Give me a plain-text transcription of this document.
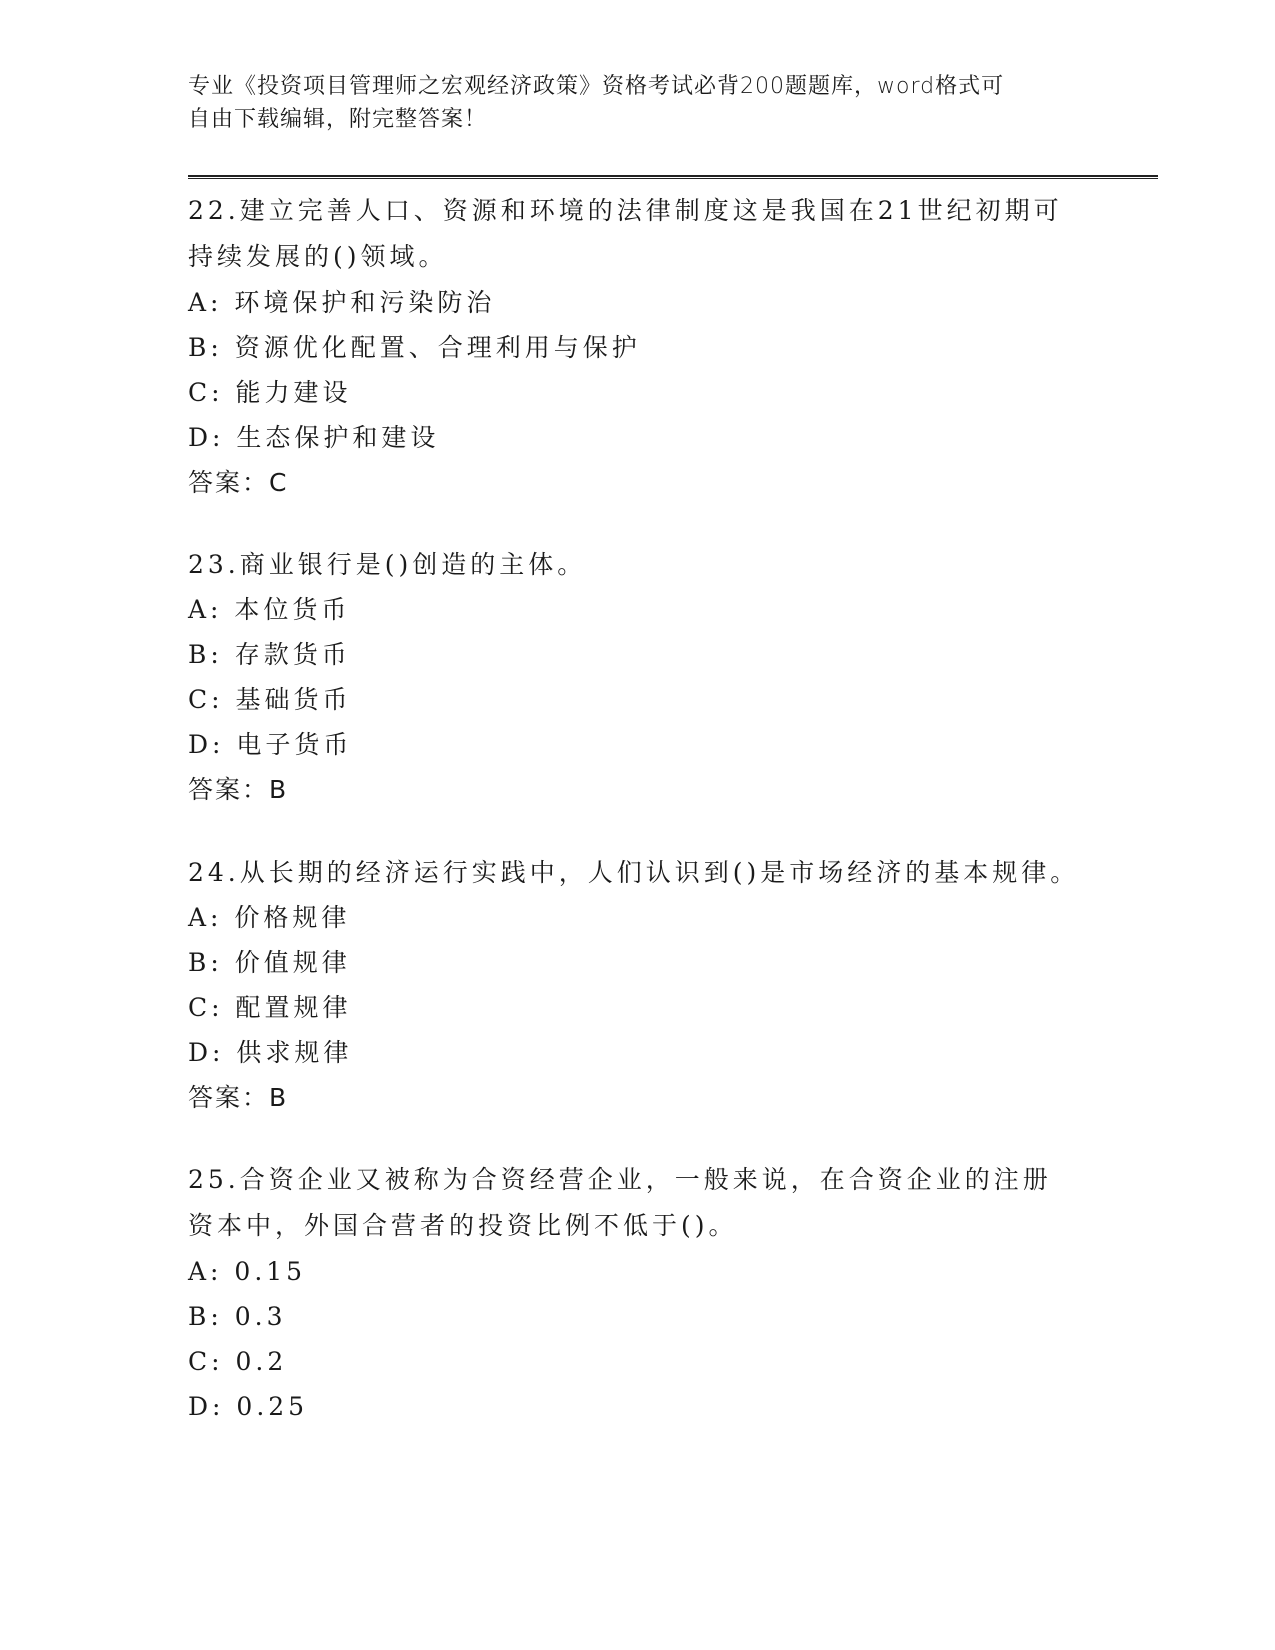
专业《投资项目管理师之宏观经济政策》资格考试必背200题题库，word格式可
自由下载编辑，附完整答案！
22.建立完善人口、资源和环境的法律制度这是我国在21世纪初期可持续发展的()领域。
A: 环境保护和污染防治
B: 资源优化配置、合理利用与保护
C: 能力建设
D: 生态保护和建设
答案：C
23.商业银行是()创造的主体。
A: 本位货币
B: 存款货币
C: 基础货币
D: 电子货币
答案：B
24.从长期的经济运行实践中，人们认识到()是市场经济的基本规律。
A: 价格规律
B: 价值规律
C: 配置规律
D: 供求规律
答案：B
25.合资企业又被称为合资经营企业，一般来说，在合资企业的注册资本中，外国合营者的投资比例不低于()。
A: 0.15
B: 0.3
C: 0.2
D: 0.25
